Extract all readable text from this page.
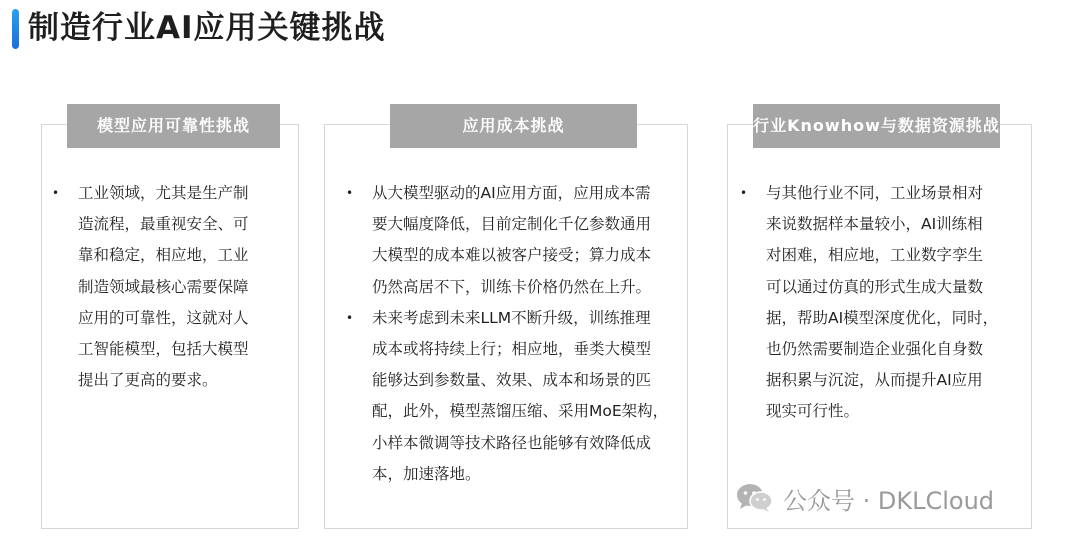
制造行业AI应用关键挑战
模型应用可靠性挑战
•	工业领域，尤其是生产制
造流程，最重视安全、可
靠和稳定，相应地，工业
制造领域最核心需要保障
应用的可靠性，这就对人
工智能模型，包括大模型
提出了更高的要求。
应用成本挑战
•	从大模型驱动的AI应用方面，应用成本需
要大幅度降低，目前定制化千亿参数通用
大模型的成本难以被客户接受；算力成本
仍然高居不下，训练卡价格仍然在上升。
•	未来考虑到未来LLM不断升级，训练推理
成本或将持续上行；相应地，垂类大模型
能够达到参数量、效果、成本和场景的匹
配，此外，模型蒸馏压缩、采用MoE架构，
小样本微调等技术路径也能够有效降低成
本，加速落地。
行业Knowhow与数据资源挑战
•	与其他行业不同，工业场景相对
来说数据样本量较小，AI训练相
对困难，相应地，工业数字孪生
可以通过仿真的形式生成大量数
据，帮助AI模型深度优化，同时，
也仍然需要制造企业强化自身数
据积累与沉淀，从而提升AI应用
现实可行性。
公众号 · DKLCloud
